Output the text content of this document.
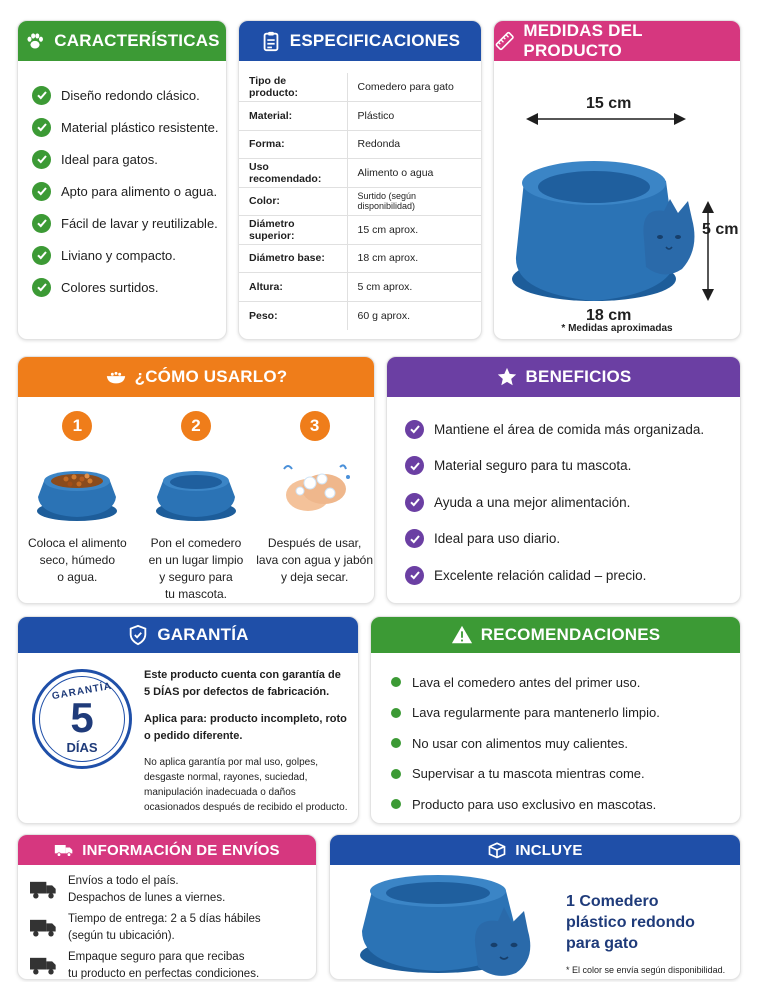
CARACTERÍSTICAS
Diseño redondo clásico.
Material plástico resistente.
Ideal para gatos.
Apto para alimento o agua.
Fácil de lavar y reutilizable.
Liviano y compacto.
Colores surtidos.
ESPECIFICACIONES
Tipo de producto:	Comedero para gato
Material:	Plástico
Forma:	Redonda
Uso recomendado:	Alimento o agua
Color:	Surtido (según disponibilidad)
Diámetro superior:	15 cm aprox.
Diámetro base:	18 cm aprox.
Altura:	5 cm aprox.
Peso:	60 g aprox.
MEDIDAS DEL PRODUCTO
15 cm
5 cm
18 cm
* Medidas aproximadas
¿CÓMO USARLO?
1
Coloca el alimento
seco, húmedo
o agua.
2
Pon el comedero
en un lugar limpio
y seguro para
tu mascota.
3
Después de usar,
lava con agua y jabón
y deja secar.
BENEFICIOS
Mantiene el área de comida más organizada.
Material seguro para tu mascota.
Ayuda a una mejor alimentación.
Ideal para uso diario.
Excelente relación calidad – precio.
GARANTÍA
GARANTÍA
5
DÍAS
Este producto cuenta con garantía de
5 DÍAS por defectos de fabricación.
Aplica para: producto incompleto, roto
o pedido diferente.
No aplica garantía por mal uso, golpes,
desgaste normal, rayones, suciedad,
manipulación inadecuada o daños
ocasionados después de recibido el producto.
RECOMENDACIONES
Lava el comedero antes del primer uso.
Lava regularmente para mantenerlo limpio.
No usar con alimentos muy calientes.
Supervisar a tu mascota mientras come.
Producto para uso exclusivo en mascotas.
INFORMACIÓN DE ENVÍOS
Envíos a todo el país.
Despachos de lunes a viernes.
Tiempo de entrega: 2 a 5 días hábiles
(según tu ubicación).
Empaque seguro para que recibas
tu producto en perfectas condiciones.
INCLUYE
1 Comedero
plástico redondo
para gato
* El color se envía según disponibilidad.
